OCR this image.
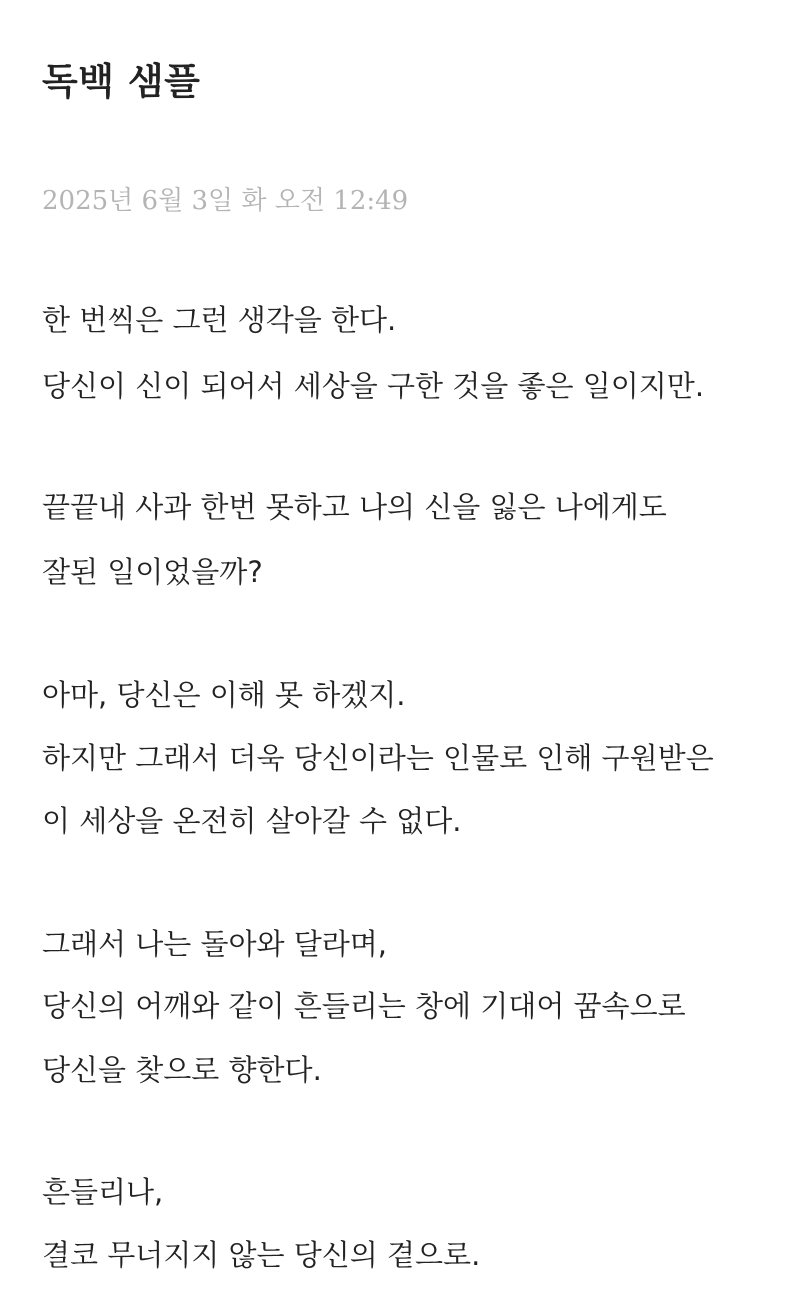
독백 샘플
2025년 6월 3일 화 오전 12:49
한 번씩은 그런 생각을 한다.
당신이 신이 되어서 세상을 구한 것을 좋은 일이지만.
끝끝내 사과 한번 못하고 나의 신을 잃은 나에게도
잘된 일이었을까?
아마, 당신은 이해 못 하겠지.
하지만 그래서 더욱 당신이라는 인물로 인해 구원받은
이 세상을 온전히 살아갈 수 없다.
그래서 나는 돌아와 달라며,
당신의 어깨와 같이 흔들리는 창에 기대어 꿈속으로
당신을 찾으로 향한다.
흔들리나,
결코 무너지지 않는 당신의 곁으로.
